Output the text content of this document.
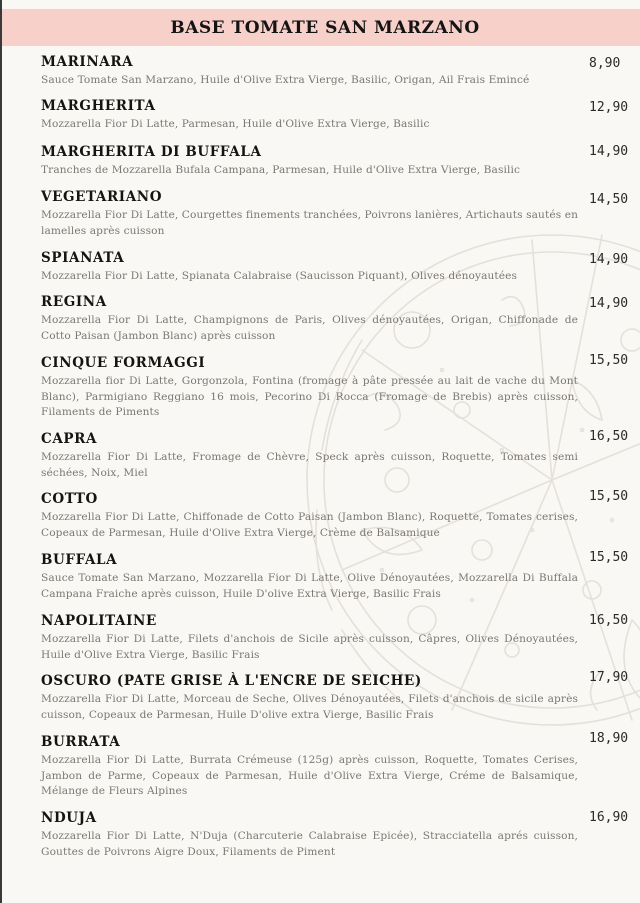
BASE TOMATE SAN MARZANO
MARINARA	8,90
Sauce Tomate San Marzano, Huile d'Olive Extra Vierge, Basilic, Origan, Ail Frais Emincé
MARGHERITA	12,90
Mozzarella Fior Di Latte, Parmesan, Huile d'Olive Extra Vierge, Basilic
MARGHERITA DI BUFFALA	14,90
Tranches de Mozzarella Bufala Campana, Parmesan, Huile d'Olive Extra Vierge, Basilic
VEGETARIANO	14,50
Mozzarella Fior Di Latte, Courgettes finements tranchées, Poivrons lanières, Artichauts sautés en lamelles après cuisson
SPIANATA	14,90
Mozzarella Fior Di Latte, Spianata Calabraise (Saucisson Piquant), Olives dénoyautées
REGINA	14,90
Mozzarella Fior Di Latte, Champignons de Paris, Olives dénoyautées, Origan, Chiffonade de Cotto Paisan (Jambon Blanc) après cuisson
CINQUE FORMAGGI	15,50
Mozzarella fior Di Latte, Gorgonzola, Fontina (fromage à pâte pressée au lait de vache du Mont Blanc), Parmigiano Reggiano 16 mois, Pecorino Di Rocca (Fromage de Brebis) après cuisson, Filaments de Piments
CAPRA	16,50
Mozzarella Fior Di Latte, Fromage de Chèvre, Speck après cuisson, Roquette, Tomates semi séchées, Noix, Miel
COTTO	15,50
Mozzarella Fior Di Latte, Chiffonade de Cotto Paisan (Jambon Blanc), Roquette, Tomates cerises, Copeaux de Parmesan, Huile d'Olive Extra Vierge, Crème de Balsamique
BUFFALA	15,50
Sauce Tomate San Marzano, Mozzarella Fior Di Latte, Olive Dénoyautées, Mozzarella Di Buffala Campana Fraiche après cuisson, Huile D'olive Extra Vierge, Basilic Frais
NAPOLITAINE	16,50
Mozzarella Fior Di Latte, Filets d'anchois de Sicile après cuisson, Câpres, Olives Dénoyautées, Huile d'Olive Extra Vierge, Basilic Frais
OSCURO (PATE GRISE À L'ENCRE DE SEICHE)	17,90
Mozzarella Fior Di Latte, Morceau de Seche, Olives Dénoyautées, Filets d'anchois de sicile après cuisson, Copeaux de Parmesan, Huile D'olive extra Vierge, Basilic Frais
BURRATA	18,90
Mozzarella Fior Di Latte, Burrata Crémeuse (125g) après cuisson, Roquette, Tomates Cerises, Jambon de Parme, Copeaux de Parmesan, Huile d'Olive Extra Vierge, Créme de Balsamique, Mélange de Fleurs Alpines
NDUJA	16,90
Mozzarella Fior Di Latte, N'Duja (Charcuterie Calabraise Epicée), Stracciatella aprés cuisson, Gouttes de Poivrons Aigre Doux, Filaments de Piment
